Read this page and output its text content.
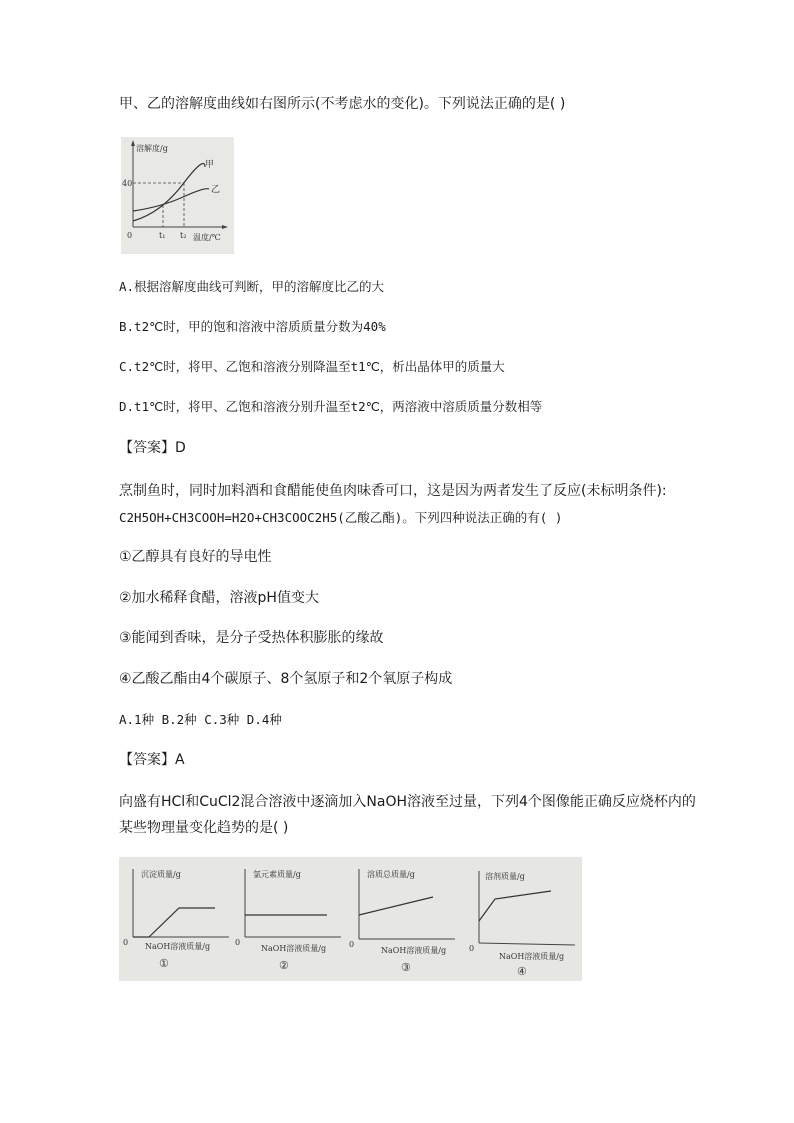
甲、乙的溶解度曲线如右图所示(不考虑水的变化)。下列说法正确的是( )
溶解度/g
40
0	t₁ t₂ 温度/℃
甲
乙
A.根据溶解度曲线可判断，甲的溶解度比乙的大
B.t2℃时，甲的饱和溶液中溶质质量分数为40%
C.t2℃时，将甲、乙饱和溶液分别降温至t1℃，析出晶体甲的质量大
D.t1℃时，将甲、乙饱和溶液分别升温至t2℃，两溶液中溶质质量分数相等
【答案】D
烹制鱼时，同时加料酒和食醋能使鱼肉味香可口，这是因为两者发生了反应(未标明条件):
C2H5OH+CH3COOH=H2O+CH3COOC2H5(乙酸乙酯)。下列四种说法正确的有( )
①乙醇具有良好的导电性
②加水稀释食醋，溶液pH值变大
③能闻到香味，是分子受热体积膨胀的缘故
④乙酸乙酯由4个碳原子、8个氢原子和2个氧原子构成
A.1种 B.2种 C.3种 D.4种
【答案】A
向盛有HCl和CuCl2混合溶液中逐滴加入NaOH溶液至过量，下列4个图像能正确反应烧杯内的
某些物理量变化趋势的是( )
沉淀质量/g
0 NaOH溶液质量/g
①
氯元素质量/g
0
NaOH溶液质量/g
②
溶质总质量/g
0
NaOH溶液质量/g
③
溶剂质量/g
0
NaOH溶液质量/g
④
